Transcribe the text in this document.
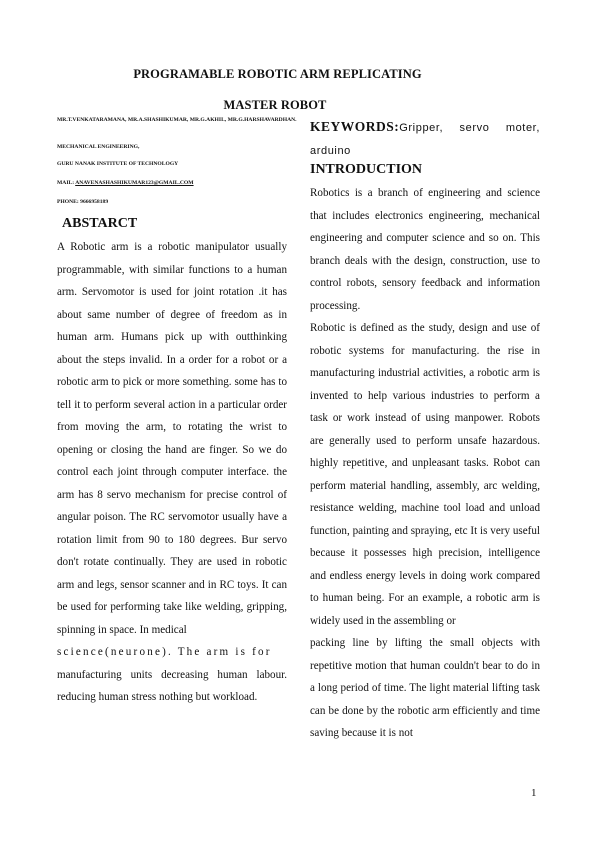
PROGRAMABLE ROBOTIC ARM REPLICATING
MASTER ROBOT
MR.T.VENKATARAMANA, MR.A.SHASHIKUMAR, MR.G.AKHIL, MR.G.HARSHAVARDHAN.
MECHANICAL ENGINEERING,
GURU NANAK INSTITUTE OF TECHNOLOGY
MAIL: ANAVENASHASHIKUMAR123@GMAIL.COM
PHONE: 9666958189
ABSTARCT

A Robotic arm is a robotic manipulator usually programmable, with similar functions to a human arm. Servomotor is used for joint rotation .it has about same number of degree of freedom as in human arm. Humans pick up with outthinking about the steps invalid. In a order for a robot or a robotic arm to pick or more something. some has to tell it to perform several action in a particular order from moving the arm, to rotating the wrist to opening or closing the hand are finger. So we do control each joint through computer interface. the arm has 8 servo mechanism for precise control of angular poison. The RC servomotor usually have a rotation limit from 90 to 180 degrees. Bur servo don't rotate continually. They are used in robotic arm and legs, sensor scanner and in RC toys. It can be used for performing take like welding, gripping, spinning in space. In medical

science(neurone). The arm is for

manufacturing units decreasing human labour. reducing human stress nothing but workload.

KEYWORDS:Gripper, servo moter, arduino
INTRODUCTION

Robotics is a branch of engineering and science that includes electronics engineering, mechanical engineering and computer science and so on. This branch deals with the design, construction, use to control robots, sensory feedback and information processing.

Robotic is defined as the study, design and use of robotic systems for manufacturing. the rise in manufacturing industrial activities, a robotic arm is invented to help various industries to perform a task or work instead of using manpower. Robots are generally used to perform unsafe hazardous. highly repetitive, and unpleasant tasks. Robot can perform material handling, assembly, arc welding, resistance welding, machine tool load and unload function, painting and spraying, etc It is very useful because it possesses high precision, intelligence and endless energy levels in doing work compared to human being. For an example, a robotic arm is widely used in the assembling or

packing line by lifting the small objects with repetitive motion that human couldn't bear to do in a long period of time. The light material lifting task can be done by the robotic arm efficiently and time saving because it is not

1
